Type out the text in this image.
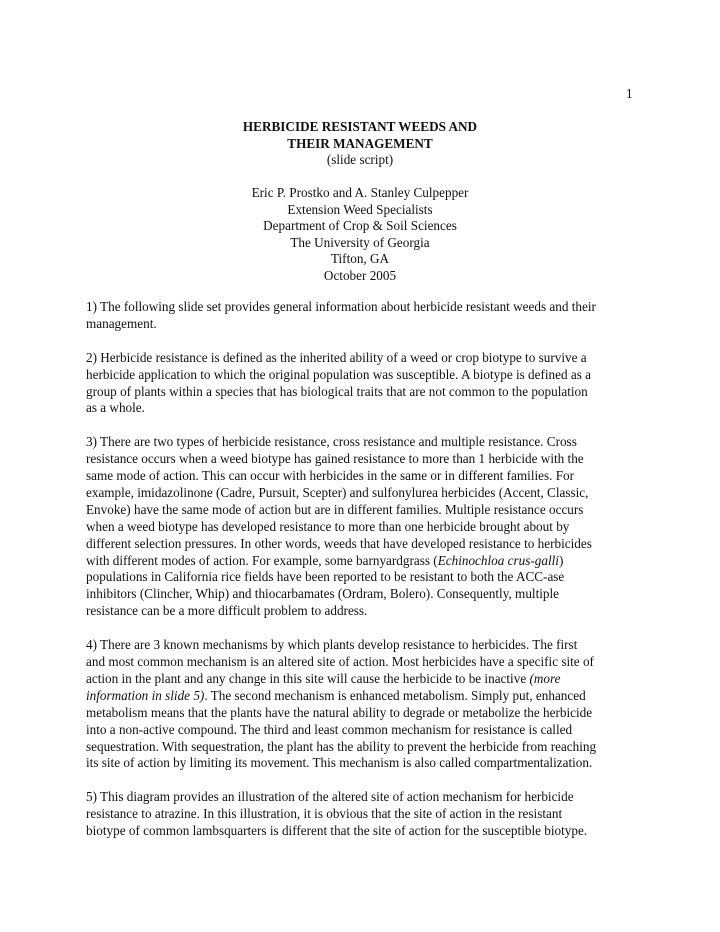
1
HERBICIDE RESISTANT WEEDS AND
THEIR MANAGEMENT
(slide script)
Eric P. Prostko and A. Stanley Culpepper
Extension Weed Specialists
Department of Crop & Soil Sciences
The University of Georgia
Tifton, GA
October 2005
1) The following slide set provides general information about herbicide resistant weeds and their
management.
2) Herbicide resistance is defined as the inherited ability of a weed or crop biotype to survive a
herbicide application to which the original population was susceptible. A biotype is defined as a
group of plants within a species that has biological traits that are not common to the population
as a whole.
3) There are two types of herbicide resistance, cross resistance and multiple resistance. Cross
resistance occurs when a weed biotype has gained resistance to more than 1 herbicide with the
same mode of action. This can occur with herbicides in the same or in different families. For
example, imidazolinone (Cadre, Pursuit, Scepter) and sulfonylurea herbicides (Accent, Classic,
Envoke) have the same mode of action but are in different families. Multiple resistance occurs
when a weed biotype has developed resistance to more than one herbicide brought about by
different selection pressures. In other words, weeds that have developed resistance to herbicides
with different modes of action. For example, some barnyardgrass (Echinochloa crus-galli)
populations in California rice fields have been reported to be resistant to both the ACC-ase
inhibitors (Clincher, Whip) and thiocarbamates (Ordram, Bolero). Consequently, multiple
resistance can be a more difficult problem to address.
4) There are 3 known mechanisms by which plants develop resistance to herbicides. The first
and most common mechanism is an altered site of action. Most herbicides have a specific site of
action in the plant and any change in this site will cause the herbicide to be inactive (more
information in slide 5). The second mechanism is enhanced metabolism. Simply put, enhanced
metabolism means that the plants have the natural ability to degrade or metabolize the herbicide
into a non-active compound. The third and least common mechanism for resistance is called
sequestration. With sequestration, the plant has the ability to prevent the herbicide from reaching
its site of action by limiting its movement. This mechanism is also called compartmentalization.
5) This diagram provides an illustration of the altered site of action mechanism for herbicide
resistance to atrazine. In this illustration, it is obvious that the site of action in the resistant
biotype of common lambsquarters is different that the site of action for the susceptible biotype.
